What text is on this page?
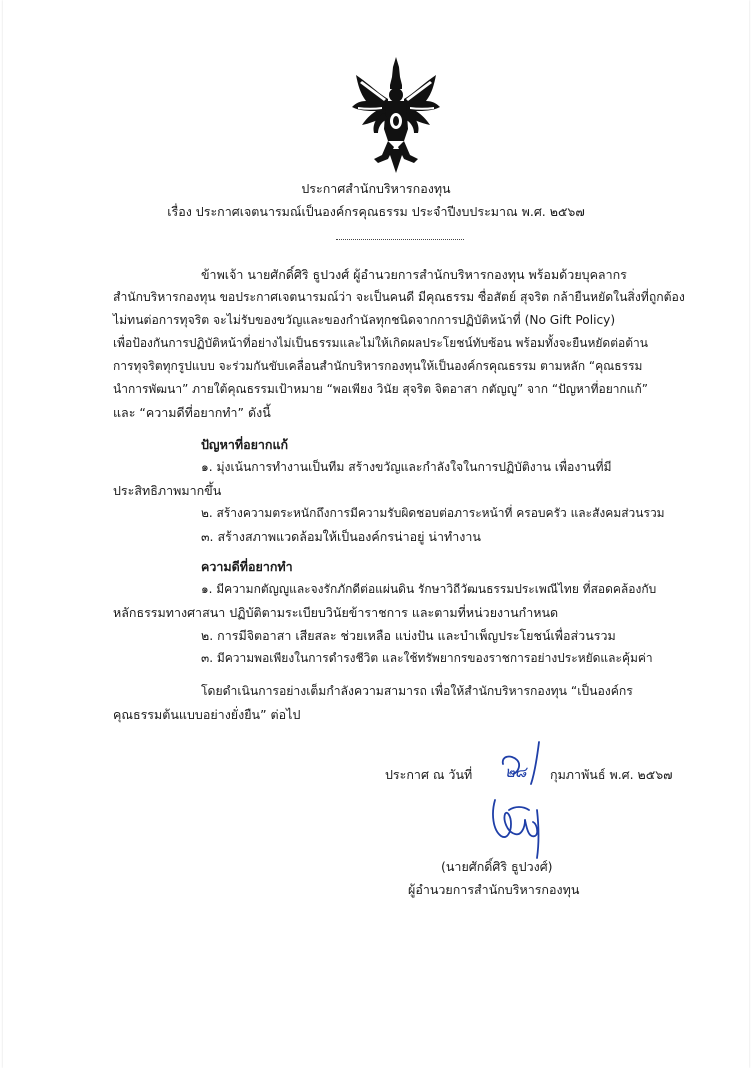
ประกาศสำนักบริหารกองทุน
เรื่อง ประกาศเจตนารมณ์เป็นองค์กรคุณธรรม ประจำปีงบประมาณ พ.ศ. ๒๕๖๗
ข้าพเจ้า นายศักดิ์ศิริ ธูปวงศ์ ผู้อำนวยการสำนักบริหารกองทุน พร้อมด้วยบุคลากร
สำนักบริหารกองทุน ขอประกาศเจตนารมณ์ว่า จะเป็นคนดี มีคุณธรรม ซื่อสัตย์ สุจริต กล้ายืนหยัดในสิ่งที่ถูกต้อง
ไม่ทนต่อการทุจริต จะไม่รับของขวัญและของกำนัลทุกชนิดจากการปฏิบัติหน้าที่ (No Gift Policy)
เพื่อป้องกันการปฏิบัติหน้าที่อย่างไม่เป็นธรรมและไม่ให้เกิดผลประโยชน์ทับซ้อน พร้อมทั้งจะยืนหยัดต่อต้าน
การทุจริตทุกรูปแบบ จะร่วมกันขับเคลื่อนสำนักบริหารกองทุนให้เป็นองค์กรคุณธรรม ตามหลัก “คุณธรรม
นำการพัฒนา” ภายใต้คุณธรรมเป้าหมาย “พอเพียง วินัย สุจริต จิตอาสา กตัญญู” จาก “ปัญหาที่อยากแก้”
และ “ความดีที่อยากทำ” ดังนี้
ปัญหาที่อยากแก้
๑. มุ่งเน้นการทำงานเป็นทีม สร้างขวัญและกำลังใจในการปฏิบัติงาน เพื่องานที่มี
ประสิทธิภาพมากขึ้น
๒. สร้างความตระหนักถึงการมีความรับผิดชอบต่อภาระหน้าที่ ครอบครัว และสังคมส่วนรวม
๓. สร้างสภาพแวดล้อมให้เป็นองค์กรน่าอยู่ น่าทำงาน
ความดีที่อยากทำ
๑. มีความกตัญญูและจงรักภักดีต่อแผ่นดิน รักษาวิถีวัฒนธรรมประเพณีไทย ที่สอดคล้องกับ
หลักธรรมทางศาสนา ปฏิบัติตามระเบียบวินัยข้าราชการ และตามที่หน่วยงานกำหนด
๒. การมีจิตอาสา เสียสละ ช่วยเหลือ แบ่งปัน และบำเพ็ญประโยชน์เพื่อส่วนรวม
๓. มีความพอเพียงในการดำรงชีวิต และใช้ทรัพยากรของราชการอย่างประหยัดและคุ้มค่า
โดยดำเนินการอย่างเต็มกำลังความสามารถ เพื่อให้สำนักบริหารกองทุน “เป็นองค์กร
คุณธรรมต้นแบบอย่างยั่งยืน” ต่อไป
ประกาศ ณ วันที่ ๒๘ กุมภาพันธ์ พ.ศ. ๒๕๖๗
(นายศักดิ์ศิริ ธูปวงศ์)
ผู้อำนวยการสำนักบริหารกองทุน
